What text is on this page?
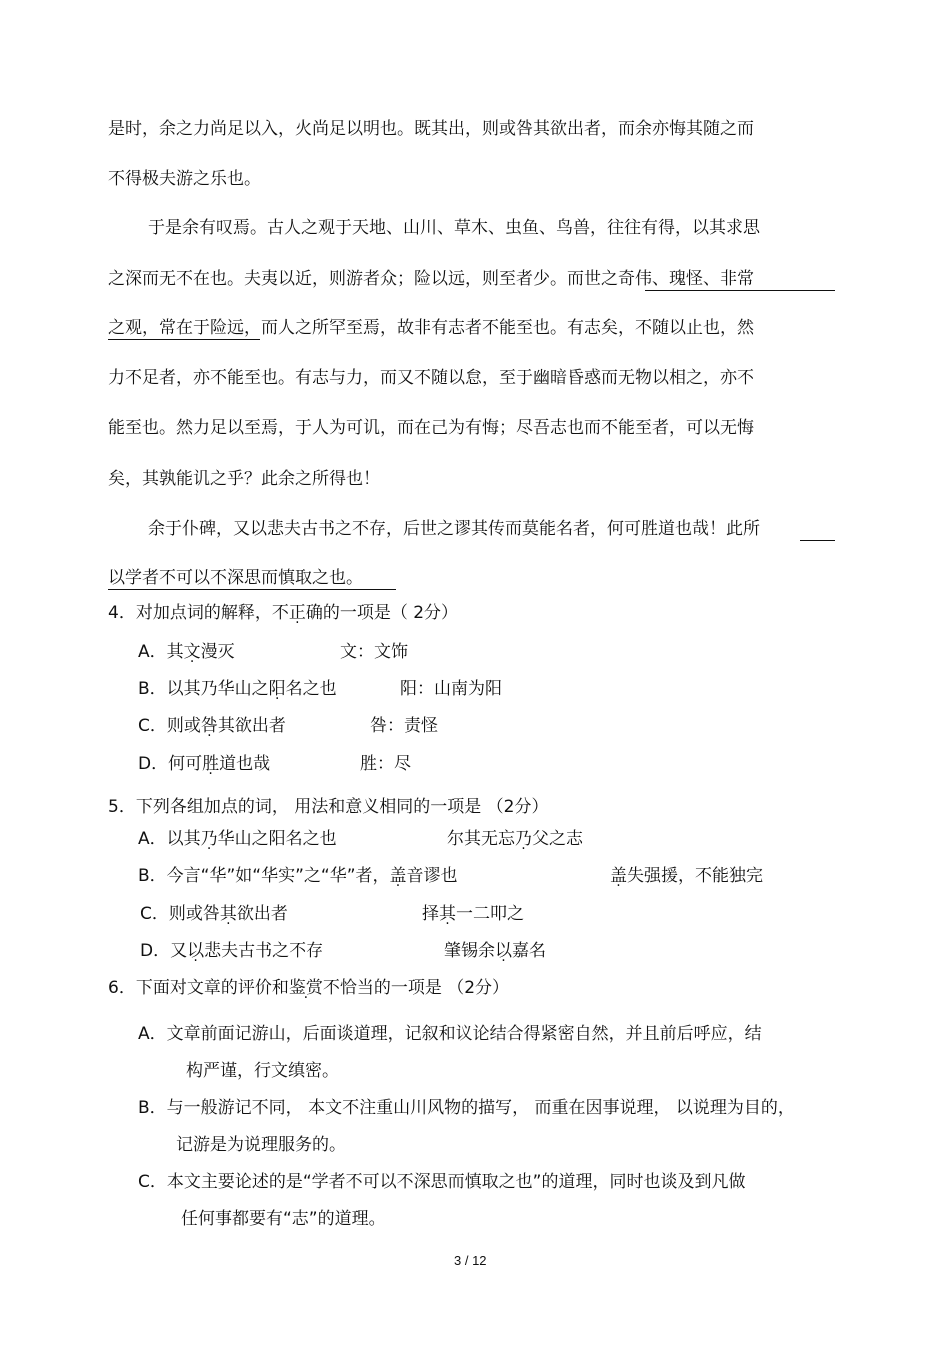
是时，余之力尚足以入，火尚足以明也。既其出，则或咎其欲出者，而余亦悔其随之而
不得极夫游之乐也。
于是余有叹焉。古人之观于天地、山川、草木、虫鱼、鸟兽，往往有得，以其求思
之深而无不在也。夫夷以近，则游者众；险以远，则至者少。而世之奇伟、瑰怪、非常
之观，常在于险远，而人之所罕至焉，故非有志者不能至也。有志矣，不随以止也，然
力不足者，亦不能至也。有志与力，而又不随以怠，至于幽暗昏惑而无物以相之，亦不
能至也。然力足以至焉，于人为可讥，而在己为有悔；尽吾志也而不能至者，可以无悔
矣，其孰能讥之乎？此余之所得也！
余于仆碑，又以悲夫古书之不存，后世之谬其传而莫能名者，何可胜道也哉！此所
以学者不可以不深思而慎取之也。
4．对加点词的解释，不正确的一项是（ 2分）
A．其文漫灭	文：文饰
B．以其乃华山之阳名之也	阳：山南为阳
C．则或咎其欲出者	咎：责怪
D．何可胜道也哉	胜：尽
5．下列各组加点的词， 用法和意义相同的一项是 （2分）
A．以其乃华山之阳名之也	尔其无忘乃父之志
B．今言“华”如“华实”之“华”者，盖音谬也	盖失强援，不能独完
C．则或咎其欲出者	择其一二叩之
D．又以悲夫古书之不存	肇锡余以嘉名
6．下面对文章的评价和鉴赏不恰当 ·的一项是 （2分）
A．文章前面记游山，后面谈道理，记叙和议论结合得紧密自然，并且前后呼应，结
构严谨，行文缜密。
B．与一般游记不同， 本文不注重山川风物的描写， 而重在因事说理， 以说理为目的，
记游是为说理服务的。
C．本文主要论述的是“学者不可以不深思而慎取之也”的道理，同时也谈及到凡做
任何事都要有“志”的道理。
3 / 12
